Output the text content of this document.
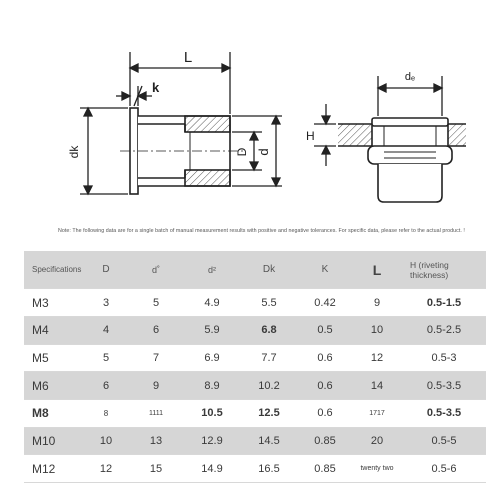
L
k
dk	D d
dₑ
H
Note: The following data are for a single batch of manual measurement results with positive and negative tolerances. For specific data, please refer to the actual product. !
Specifications	D	d˚	d²	Dk	K	L	H (riveting thickness)
M3	3	5	4.9	5.5	0.42	9	0.5-1.5
M4	4	6	5.9	6.8	0.5	10	0.5-2.5
M5	5	7	6.9	7.7	0.6	12	0.5-3
M6	6	9	8.9	10.2	0.6	14	0.5-3.5
M8	8	1111	10.5	12.5	0.6	1717	0.5-3.5
M10	10	13	12.9	14.5	0.85	20	0.5-5
M12	12	15	14.9	16.5	0.85	twenty two	0.5-6
